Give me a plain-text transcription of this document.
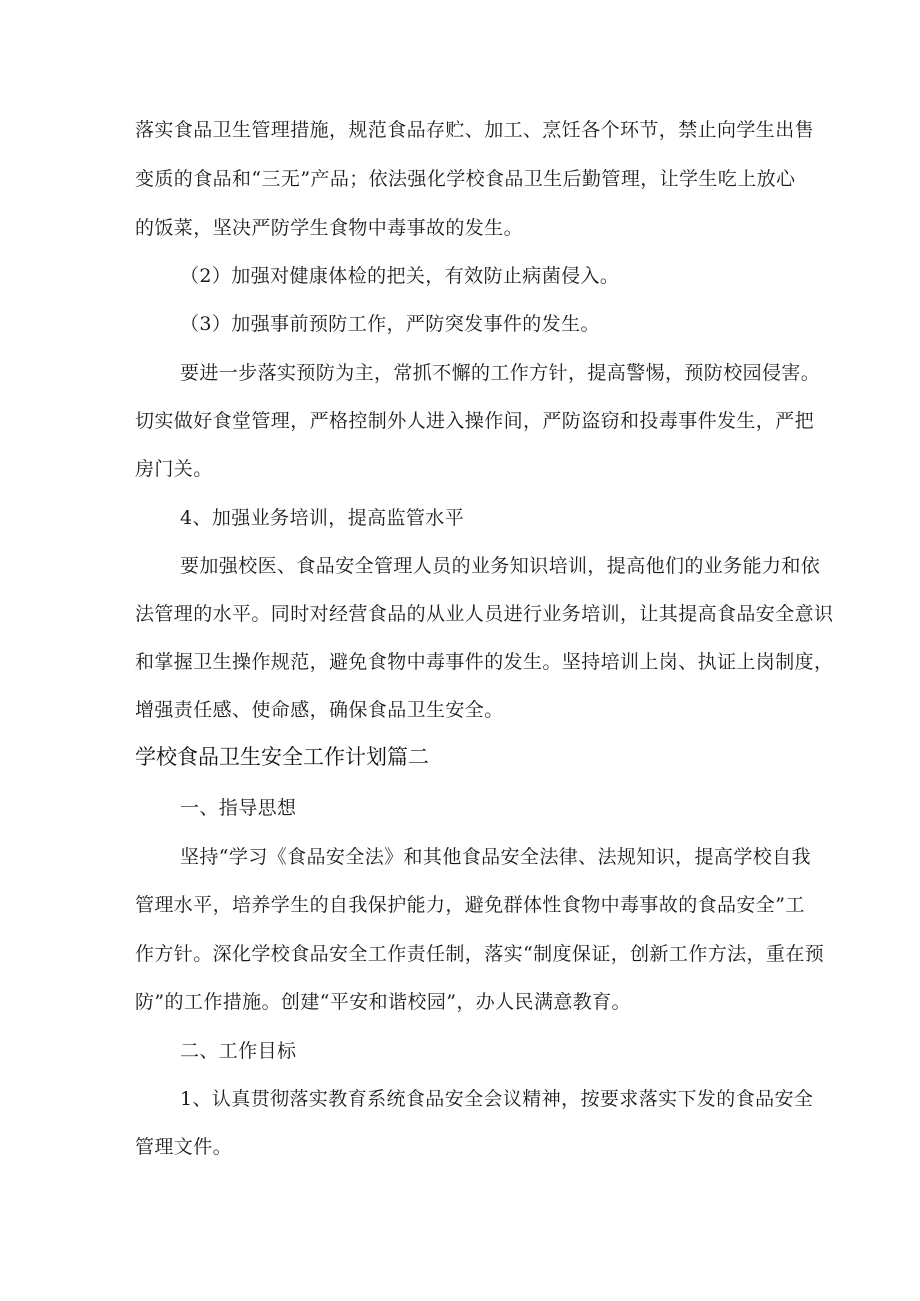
落实食品卫生管理措施，规范食品存贮、加工、烹饪各个环节，禁止向学生出售
变质的食品和“三无”产品；依法强化学校食品卫生后勤管理，让学生吃上放心
的饭菜，坚决严防学生食物中毒事故的发生。
（2）加强对健康体检的把关，有效防止病菌侵入。
（3）加强事前预防工作，严防突发事件的发生。
要进一步落实预防为主，常抓不懈的工作方针，提高警惕，预防校园侵害。
切实做好食堂管理，严格控制外人进入操作间，严防盗窃和投毒事件发生，严把
房门关。
4、加强业务培训，提高监管水平
要加强校医、食品安全管理人员的业务知识培训，提高他们的业务能力和依
法管理的水平。同时对经营食品的从业人员进行业务培训，让其提高食品安全意识
和掌握卫生操作规范，避免食物中毒事件的发生。坚持培训上岗、执证上岗制度，
增强责任感、使命感，确保食品卫生安全。
学校食品卫生安全工作计划篇二
一、指导思想
坚持“学习《食品安全法》和其他食品安全法律、法规知识，提高学校自我
管理水平，培养学生的自我保护能力，避免群体性食物中毒事故的食品安全”工
作方针。深化学校食品安全工作责任制，落实“制度保证，创新工作方法，重在预
防”的工作措施。创建“平安和谐校园”，办人民满意教育。
二、工作目标
1、认真贯彻落实教育系统食品安全会议精神，按要求落实下发的食品安全
管理文件。
